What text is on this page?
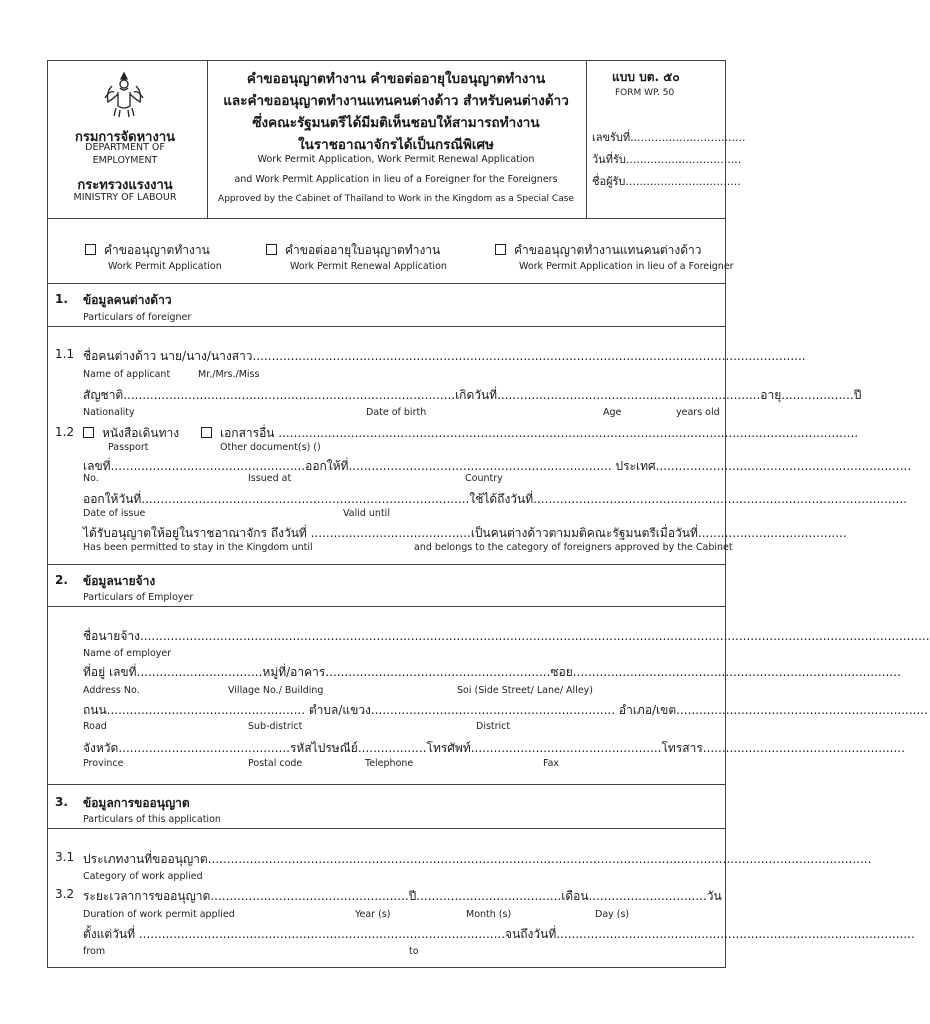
กรมการจัดหางาน
DEPARTMENT OF
EMPLOYMENT
กระทรวงแรงงาน
MINISTRY OF LABOUR
คำขออนุญาตทำงาน คำขอต่ออายุใบอนุญาตทำงาน
และคำขออนุญาตทำงานแทนคนต่างด้าว สำหรับคนต่างด้าว
ซึ่งคณะรัฐมนตรีได้มีมติเห็นชอบให้สามารถทำงาน
ในราชอาณาจักรได้เป็นกรณีพิเศษ
Work Permit Application, Work Permit Renewal Application
and Work Permit Application in lieu of a Foreigner for the Foreigners
Approved by the Cabinet of Thailand to Work in the Kingdom as a Special Case
แบบ บต. ๕๐
FORM WP. 50
เลขรับที่.................................
วันที่รับ.................................
ชื่อผู้รับ.................................
คำขออนุญาตทำงาน
Work Permit Application
คำขอต่ออายุใบอนุญาตทำงาน
Work Permit Renewal Application
คำขออนุญาตทำงานแทนคนต่างด้าว
Work Permit Application in lieu of a Foreigner
1. ข้อมูลคนต่างด้าว
Particulars of foreigner
1.1 ชื่อคนต่างด้าว นาย/นาง/นางสาว.................................................................................................................................................
Name of applicant	Mr./Mrs./Miss
สัญชาติ.......................................................................................เกิดวันที่.....................................................................อายุ...................ปี
Nationality	Date of birth	Age	years old
1.2	หนังสือเดินทาง	เอกสารอื่น ........................................................................................................................................................
Passport	Other document(s) ()
เลขที่...................................................ออกให้ที่..................................................................... ประเทศ...................................................................
No.	Issued at	Country
ออกให้วันที่......................................................................................ใช้ได้ถึงวันที่..................................................................................................
Date of issue	Valid until
ได้รับอนุญาตให้อยู่ในราชอาณาจักร ถึงวันที่ ..........................................เป็นคนต่างด้าวตามมติคณะรัฐมนตรีเมื่อวันที่.......................................
Has been permitted to stay in the Kingdom until	and belongs to the category of foreigners approved by the Cabinet
2. ข้อมูลนายจ้าง
Particulars of Employer
ชื่อนายจ้าง...............................................................................................................................................................................................................
Name of employer
ที่อยู่ เลขที่.................................หมู่ที่/อาคาร...........................................................ซอย......................................................................................
Address No.	Village No./ Building	Soi (Side Street/ Lane/ Alley)
ถนน.................................................... ตำบล/แขวง................................................................ อำเภอ/เขต..................................................................
Road	Sub-district	District
จังหวัด.............................................รหัสไปรษณีย์..................โทรศัพท์..................................................โทรสาร.....................................................
Province	Postal code	Telephone	Fax
3. ข้อมูลการขออนุญาต
Particulars of this application
3.1 ประเภทงานที่ขออนุญาต..............................................................................................................................................................................
Category of work applied
3.2 ระยะเวลาการขออนุญาต....................................................ปี......................................เดือน...............................วัน
Duration of work permit applied	Year (s)	Month (s)	Day (s)
ตั้งแต่วันที่ ................................................................................................จนถึงวันที่..............................................................................................
from	to
